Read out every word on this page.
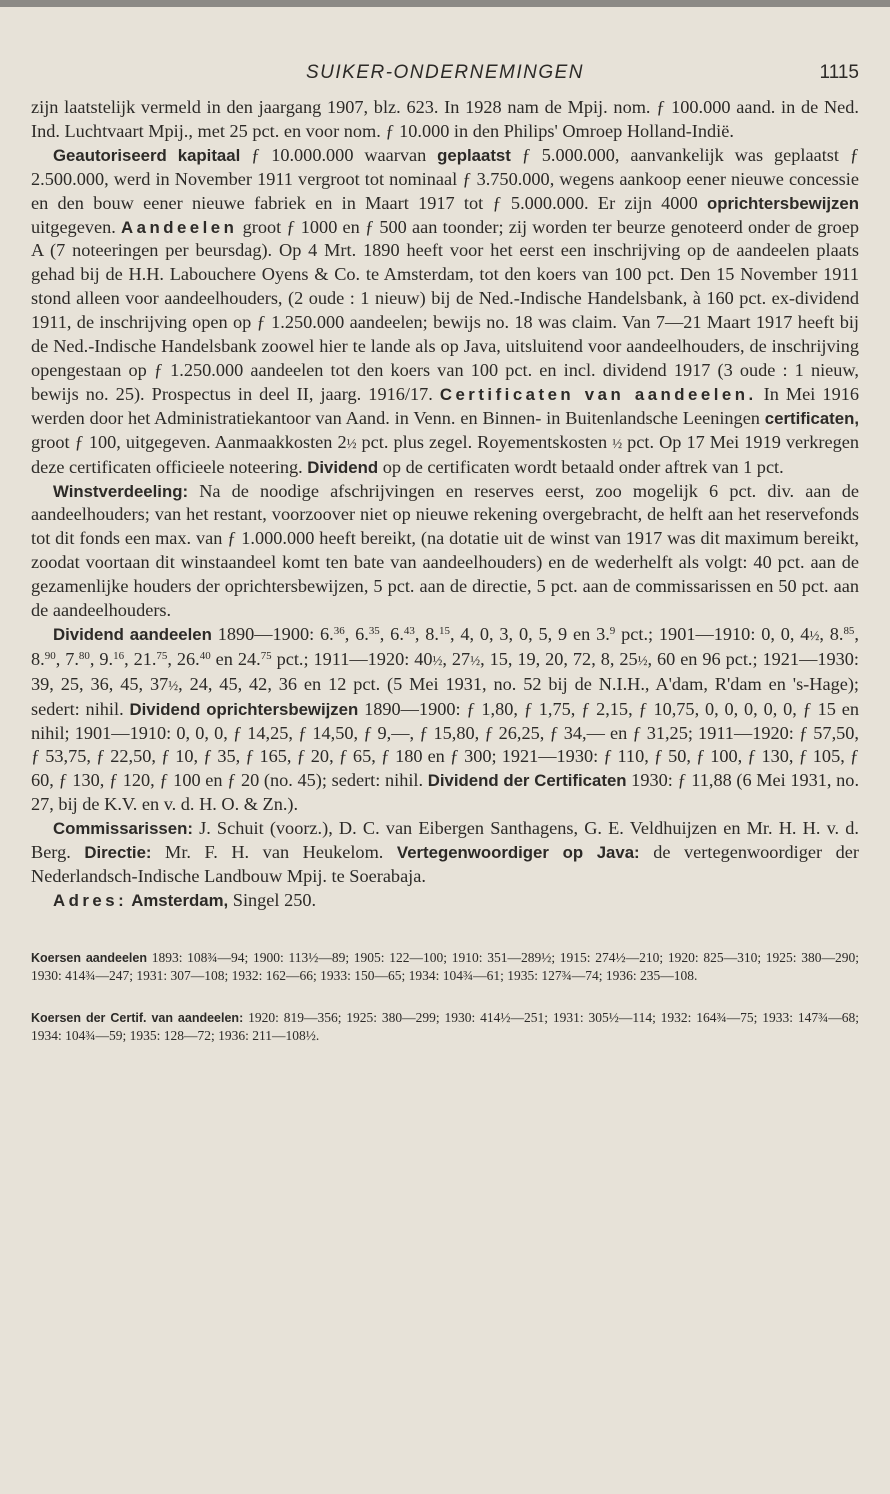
SUIKER-ONDERNEMINGEN	1115

zijn laatstelijk vermeld in den jaargang 1907, blz. 623. In 1928 nam de Mpij. nom. ƒ 100.000 aand. in de Ned. Ind. Luchtvaart Mpij., met 25 pct. en voor nom. ƒ 10.000 in den Philips' Omroep Holland-Indië.

Geautoriseerd kapitaal ƒ 10.000.000 waarvan geplaatst ƒ 5.000.000, aanvankelijk was geplaatst ƒ 2.500.000, werd in November 1911 vergroot tot nominaal ƒ 3.750.000, wegens aankoop eener nieuwe concessie en den bouw eener nieuwe fabriek en in Maart 1917 tot ƒ 5.000.000. Er zijn 4000 oprichtersbewijzen uitgegeven. Aandeelen groot ƒ 1000 en ƒ 500 aan toonder; zij worden ter beurze genoteerd onder de groep A (7 noteeringen per beursdag). Op 4 Mrt. 1890 heeft voor het eerst een inschrijving op de aandeelen plaats gehad bij de H.H. Labouchere Oyens & Co. te Amsterdam, tot den koers van 100 pct. Den 15 November 1911 stond alleen voor aandeelhouders, (2 oude : 1 nieuw) bij de Ned.-Indische Handelsbank, à 160 pct. ex-dividend 1911, de inschrijving open op ƒ 1.250.000 aandeelen; bewijs no. 18 was claim. Van 7—21 Maart 1917 heeft bij de Ned.-Indische Handelsbank zoowel hier te lande als op Java, uitsluitend voor aandeelhouders, de inschrijving opengestaan op ƒ 1.250.000 aandeelen tot den koers van 100 pct. en incl. dividend 1917 (3 oude : 1 nieuw, bewijs no. 25). Prospectus in deel II, jaarg. 1916/17. Certificaten van aandeelen. In Mei 1916 werden door het Administratiekantoor van Aand. in Venn. en Binnen- in Buitenlandsche Leeningen certificaten, groot ƒ 100, uitgegeven. Aanmaakkosten 2½ pct. plus zegel. Royementskosten ½ pct. Op 17 Mei 1919 verkregen deze certificaten officieele noteering. Dividend op de certificaten wordt betaald onder aftrek van 1 pct.

Winstverdeeling: Na de noodige afschrijvingen en reserves eerst, zoo mogelijk 6 pct. div. aan de aandeelhouders; van het restant, voorzoover niet op nieuwe rekening overgebracht, de helft aan het reservefonds tot dit fonds een max. van ƒ 1.000.000 heeft bereikt, (na dotatie uit de winst van 1917 was dit maximum bereikt, zoodat voortaan dit winstaandeel komt ten bate van aandeelhouders) en de wederhelft als volgt: 40 pct. aan de gezamenlijke houders der oprichtersbewijzen, 5 pct. aan de directie, 5 pct. aan de commissarissen en 50 pct. aan de aandeelhouders.

Dividend aandeelen 1890—1900: 6.36, 6.35, 6.43, 8.15, 4, 0, 3, 0, 5, 9 en 3.$^9$ pct.; 1901—1910: 0, 0, 4½, 8.85, 8.90, 7.80, 9.16, 21.75, 26.40 en 24.75 pct.; 1911—1920: 40½, 27½, 15, 19, 20, 72, 8, 25½, 60 en 96 pct.; 1921—1930: 39, 25, 36, 45, 37½, 24, 45, 42, 36 en 12 pct. (5 Mei 1931, no. 52 bij de N.I.H., A'dam, R'dam en 's-Hage); sedert: nihil. Dividend oprichtersbewijzen 1890—1900: ƒ 1,80, ƒ 1,75, ƒ 2,15, ƒ 10,75, 0, 0, 0, 0, 0, ƒ 15 en nihil; 1901—1910: 0, 0, 0, ƒ 14,25, ƒ 14,50, ƒ 9,—, ƒ 15,80, ƒ 26,25, ƒ 34,— en ƒ 31,25; 1911—1920: ƒ 57,50, ƒ 53,75, ƒ 22,50, ƒ 10, ƒ 35, ƒ 165, ƒ 20, ƒ 65, ƒ 180 en ƒ 300; 1921—1930: ƒ 110, ƒ 50, ƒ 100, ƒ 130, ƒ 105, ƒ 60, ƒ 130, ƒ 120, ƒ 100 en ƒ 20 (no. 45); sedert: nihil. Dividend der Certificaten 1930: ƒ 11,88 (6 Mei 1931, no. 27, bij de K.V. en v. d. H. O. & Zn.).

Commissarissen: J. Schuit (voorz.), D. C. van Eibergen Santhagens, G. E. Veldhuijzen en Mr. H. H. v. d. Berg. Directie: Mr. F. H. van Heukelom. Vertegenwoordiger op Java: de vertegenwoordiger der Nederlandsch-Indische Landbouw Mpij. te Soerabaja.

Adres: Amsterdam, Singel 250.

Koersen aandeelen 1893: 108¾—94; 1900: 113½—89; 1905: 122—100; 1910: 351—289½; 1915: 274½—210; 1920: 825—310; 1925: 380—290; 1930: 414¾—247; 1931: 307—108; 1932: 162—66; 1933: 150—65; 1934: 104¾—61; 1935: 127¾—74; 1936: 235—108.

Koersen der Certif. van aandeelen: 1920: 819—356; 1925: 380—299; 1930: 414½—251; 1931: 305½—114; 1932: 164¾—75; 1933: 147¾—68; 1934: 104¾—59; 1935: 128—72; 1936: 211—108½.
